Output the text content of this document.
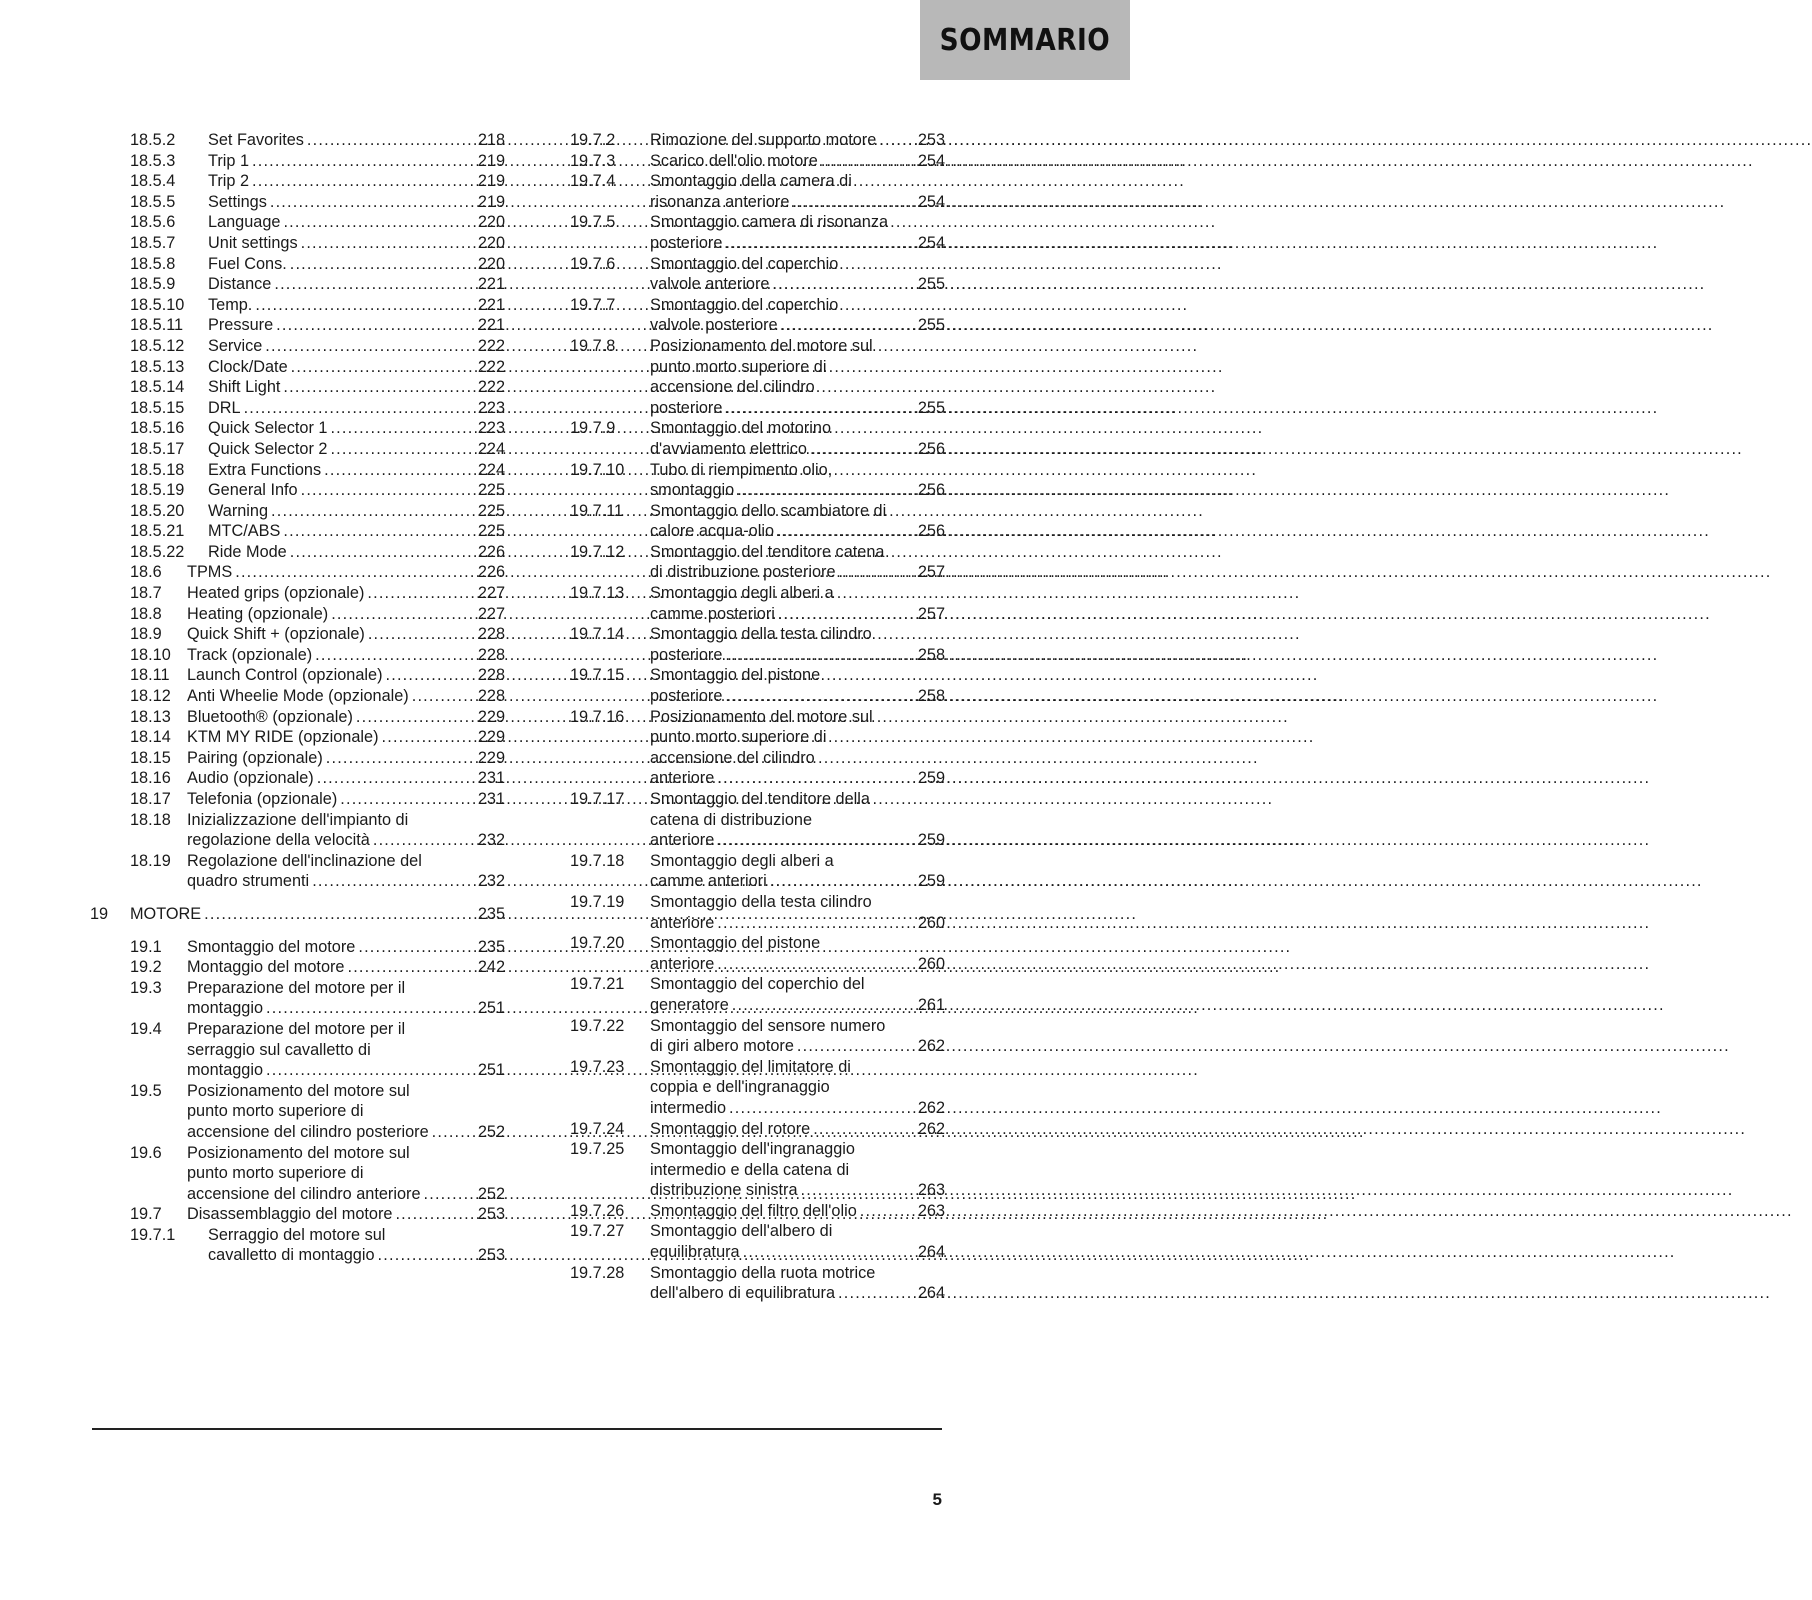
SOMMARIO
18.5.2 Set Favorites .....	218
18.5.3 Trip 1 .....	219
18.5.4 Trip 2 .....	219
18.5.5 Settings .....	219
18.5.6 Language .....	220
18.5.7 Unit settings .....	220
18.5.8 Fuel Cons. .....	220
18.5.9 Distance .....	221
18.5.10 Temp. .....	221
18.5.11 Pressure .....	221
18.5.12 Service .....	222
18.5.13 Clock/Date .....	222
18.5.14 Shift Light .....	222
18.5.15 DRL .....	223
18.5.16 Quick Selector 1 .....	223
18.5.17 Quick Selector 2 .....	224
18.5.18 Extra Functions .....	224
18.5.19 General Info .....	225
18.5.20 Warning .....	225
18.5.21 MTC/ABS .....	225
18.5.22 Ride Mode .....	226
18.6 TPMS .....	226
18.7 Heated grips (opzionale) .....	227
18.8 Heating (opzionale) .....	227
18.9 Quick Shift + (opzionale) .....	228
18.10 Track (opzionale) .....	228
18.11 Launch Control (opzionale) .....	228
18.12 Anti Wheelie Mode (opzionale) .....	228
18.13 Bluetooth® (opzionale) .....	229
18.14 KTM MY RIDE (opzionale) .....	229
18.15 Pairing (opzionale) .....	229
18.16 Audio (opzionale) .....	231
18.17 Telefonia (opzionale) .....	231
18.18 Inizializzazione dell'impianto di
regolazione della velocità .....	232
18.19 Regolazione dell'inclinazione del
quadro strumenti .....	232
19 MOTORE .....	235
19.1 Smontaggio del motore .....	235
19.2 Montaggio del motore .....	242
19.3 Preparazione del motore per il
montaggio .....	251
19.4 Preparazione del motore per il
serraggio sul cavalletto di
montaggio .....	251
19.5 Posizionamento del motore sul
punto morto superiore di
accensione del cilindro posteriore .....	252
19.6 Posizionamento del motore sul
punto morto superiore di
accensione del cilindro anteriore .....	252
19.7 Disassemblaggio del motore .....	253
19.7.1 Serraggio del motore sul
cavalletto di montaggio .....	253
19.7.2 Rimozione del supporto motore .....	253
19.7.3 Scarico dell'olio motore .....	254
19.7.4 Smontaggio della camera di
risonanza anteriore .....	254
19.7.5 Smontaggio camera di risonanza
posteriore .....	254
19.7.6 Smontaggio del coperchio
valvole anteriore .....	255
19.7.7 Smontaggio del coperchio
valvole posteriore .....	255
19.7.8 Posizionamento del motore sul
punto morto superiore di
accensione del cilindro
posteriore .....	255
19.7.9 Smontaggio del motorino
d'avviamento elettrico .....	256
19.7.10 Tubo di riempimento olio,
smontaggio .....	256
19.7.11 Smontaggio dello scambiatore di
calore acqua-olio .....	256
19.7.12 Smontaggio del tenditore catena
di distribuzione posteriore .....	257
19.7.13 Smontaggio degli alberi a
camme posteriori .....	257
19.7.14 Smontaggio della testa cilindro
posteriore .....	258
19.7.15 Smontaggio del pistone
posteriore .....	258
19.7.16 Posizionamento del motore sul
punto morto superiore di
accensione del cilindro
anteriore .....	259
19.7.17 Smontaggio del tenditore della
catena di distribuzione
anteriore .....	259
19.7.18 Smontaggio degli alberi a
camme anteriori .....	259
19.7.19 Smontaggio della testa cilindro
anteriore .....	260
19.7.20 Smontaggio del pistone
anteriore .....	260
19.7.21 Smontaggio del coperchio del
generatore .....	261
19.7.22 Smontaggio del sensore numero
di giri albero motore .....	262
19.7.23 Smontaggio del limitatore di
coppia e dell'ingranaggio
intermedio .....	262
19.7.24 Smontaggio del rotore .....	262
19.7.25 Smontaggio dell'ingranaggio
intermedio e della catena di
distribuzione sinistra .....	263
19.7.26 Smontaggio del filtro dell'olio .....	263
19.7.27 Smontaggio dell'albero di
equilibratura .....	264
19.7.28 Smontaggio della ruota motrice
dell'albero di equilibratura .....	264
5
